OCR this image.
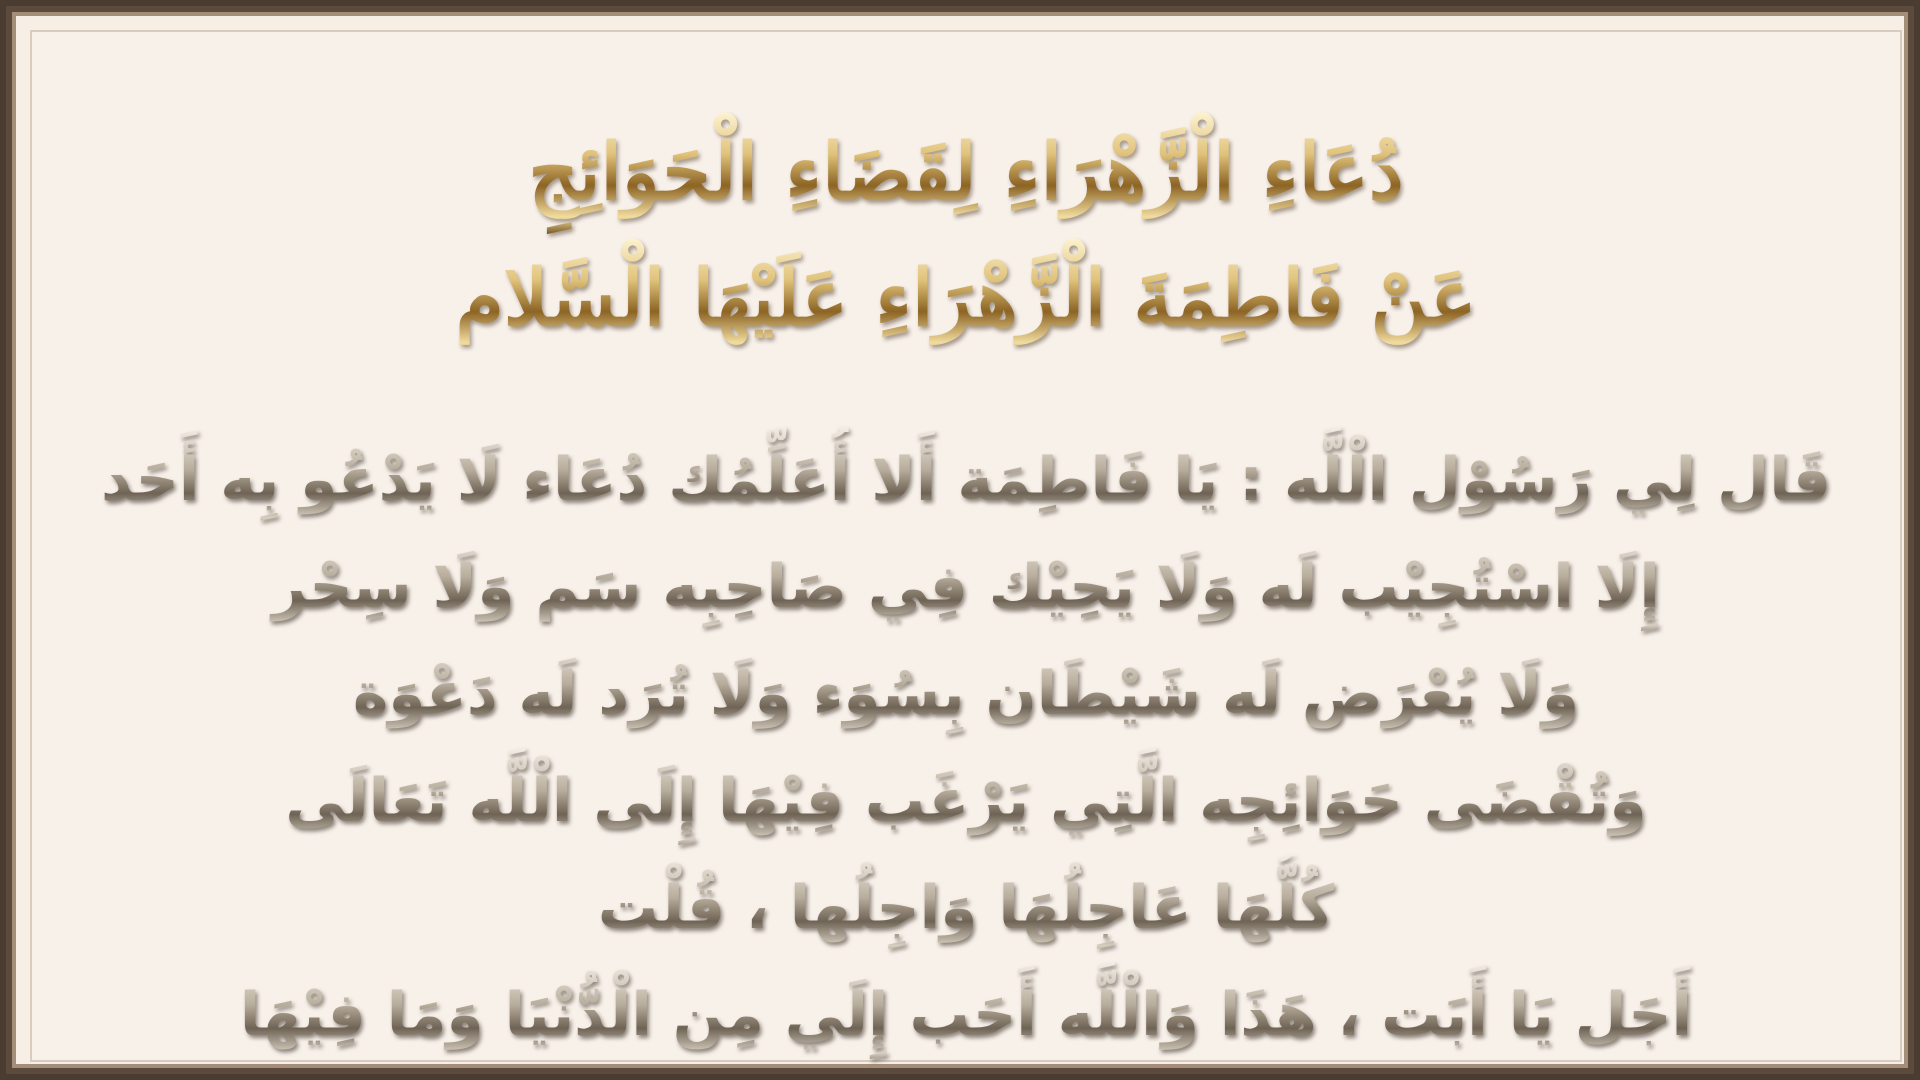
دُعَاءِ الْزَّهْرَاءِ لِقَضَاءِ الْحَوَائِجِ
عَنْ فَاطِمَةَ الْزَّهْرَاءِ عَلَيْهَا الْسَّلام
قَال لِي رَسُوْل الْلَّه : يَا فَاطِمَة أَلا أُعَلِّمُك دُعَاء لَا يَدْعُو بِه أَحَد
إِلَا اسْتُجِيْب لَه وَلَا يَحِيْك فِي صَاحِبِه سَم وَلَا سِحْر
وَلَا يُعْرَض لَه شَيْطَان بِسُوَء وَلَا تُرَد لَه دَعْوَة
وَتُقْضَى حَوَائِجِه الَّتِي يَرْغَب فِيْهَا إِلَى الْلَّه تَعَالَى
كُلُّهَا عَاجِلُهَا وَاجِلُها ، قُلْت
أَجَل يَا أَبَت ، هَذَا وَالْلَّه أَحَب إِلَي مِن الْدُّنْيَا وَمَا فِيْهَا
